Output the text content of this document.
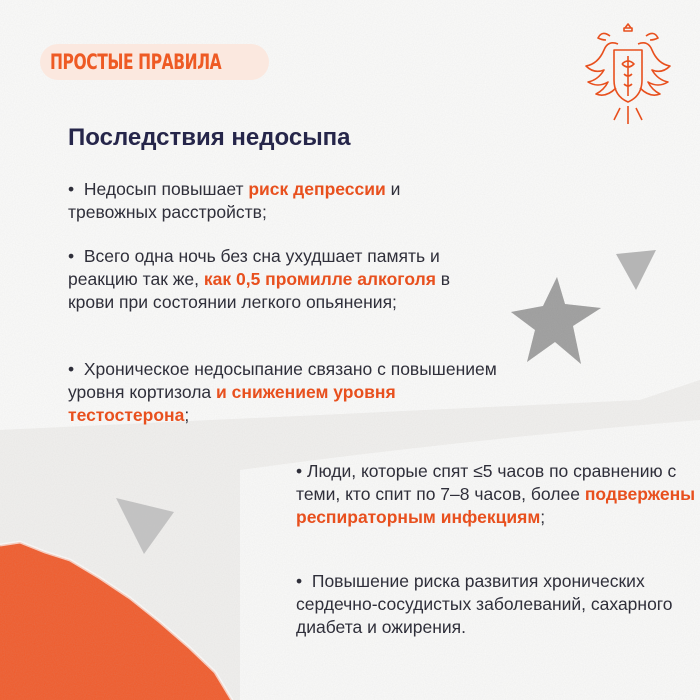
ПРОСТЫЕ ПРАВИЛА
Последствия недосыпа

• Недосып повышает риск депрессии и тревожных расстройств;

• Всего одна ночь без сна ухудшает память и реакцию так же, как 0,5 промилле алкоголя в крови при состоянии легкого опьянения;

• Хроническое недосыпание связано с повышением уровня кортизола и снижением уровня тестостерона;

• Люди, которые спят ≤5 часов по сравнению с теми, кто спит по 7–8 часов, более подвержены респираторным инфекциям;

• Повышение риска развития хронических сердечно-сосудистых заболеваний, сахарного диабета и ожирения.
